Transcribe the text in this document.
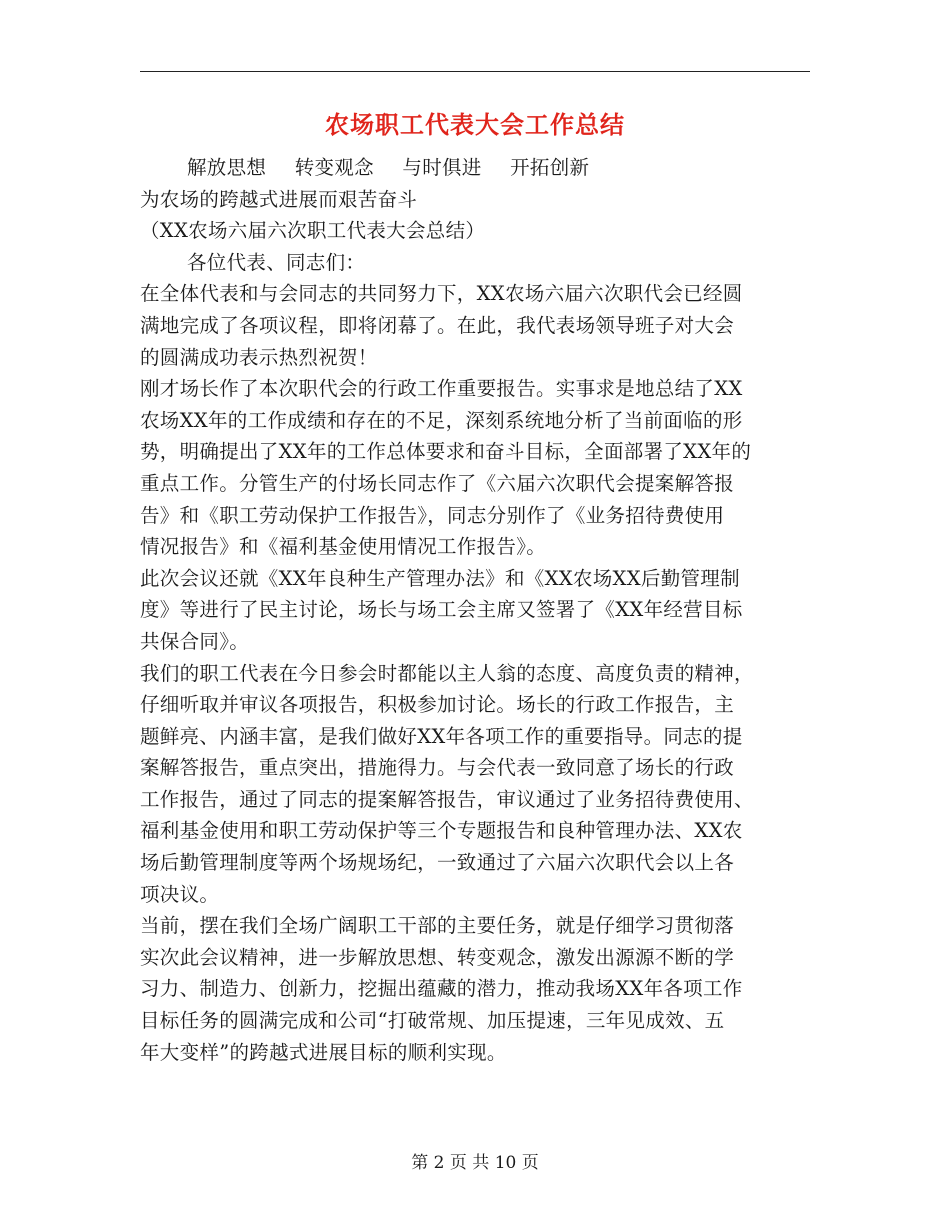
农场职工代表大会工作总结
解放思想 转变观念 与时俱进 开拓创新
为农场的跨越式进展而艰苦奋斗
（XX农场六届六次职工代表大会总结）
各位代表、同志们：
在全体代表和与会同志的共同努力下，XX农场六届六次职代会已经圆
满地完成了各项议程，即将闭幕了。在此，我代表场领导班子对大会
的圆满成功表示热烈祝贺！
刚才场长作了本次职代会的行政工作重要报告。实事求是地总结了XX
农场XX年的工作成绩和存在的不足，深刻系统地分析了当前面临的形
势，明确提出了XX年的工作总体要求和奋斗目标，全面部署了XX年的
重点工作。分管生产的付场长同志作了《六届六次职代会提案解答报
告》和《职工劳动保护工作报告》，同志分别作了《业务招待费使用
情况报告》和《福利基金使用情况工作报告》。
此次会议还就《XX年良种生产管理办法》和《XX农场XX后勤管理制
度》等进行了民主讨论，场长与场工会主席又签署了《XX年经营目标
共保合同》。
我们的职工代表在今日参会时都能以主人翁的态度、高度负责的精神，
仔细听取并审议各项报告，积极参加讨论。场长的行政工作报告，主
题鲜亮、内涵丰富，是我们做好XX年各项工作的重要指导。同志的提
案解答报告，重点突出，措施得力。与会代表一致同意了场长的行政
工作报告，通过了同志的提案解答报告，审议通过了业务招待费使用、
福利基金使用和职工劳动保护等三个专题报告和良种管理办法、XX农
场后勤管理制度等两个场规场纪，一致通过了六届六次职代会以上各
项决议。
当前，摆在我们全场广阔职工干部的主要任务，就是仔细学习贯彻落
实次此会议精神，进一步解放思想、转变观念，激发出源源不断的学
习力、制造力、创新力，挖掘出蕴藏的潜力，推动我场XX年各项工作
目标任务的圆满完成和公司“打破常规、加压提速，三年见成效、五
年大变样”的跨越式进展目标的顺利实现。
第 2 页 共 10 页
